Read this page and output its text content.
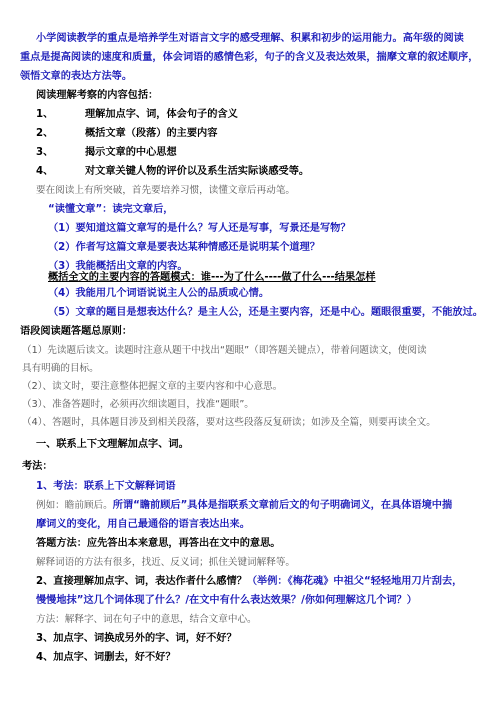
小学阅读教学的重点是培养学生对语言文字的感受理解、积累和初步的运用能力。高年级的阅读
重点是提高阅读的速度和质量，体会词语的感情色彩，句子的含义及表达效果，揣摩文章的叙述顺序，
领悟文章的表达方法等。
阅读理解考察的内容包括：
1、	理解加点字、词，体会句子的含义
2、	概括文章（段落）的主要内容
3、	揭示文章的中心思想
4、	对文章关键人物的评价以及系生活实际谈感受等。
要在阅读上有所突破，首先要培养习惯，读懂文章后再动笔。
“读懂文章”：读完文章后，
（1）要知道这篇文章写的是什么？写人还是写事，写景还是写物？
（2）作者写这篇文章是要表达某种情感还是说明某个道理？
（3）我能概括出文章的内容。
概括全文的主要内容的答题模式：谁---为了什么----做了什么---结果怎样
（4）我能用几个词语说说主人公的品质或心情。
（5）文章的题目是想表达什么？是主人公，还是主要内容，还是中心。题眼很重要，不能放过。
语段阅读题答题总原则：
（1）先读题后读文。读题时注意从题干中找出“题眼”（即答题关键点），带着问题读文，使阅读
具有明确的目标。
（2）、读文时，要注意整体把握文章的主要内容和中心意思。
（3）、准备答题时，必须再次细读题目，找准“题眼”。
（4）、答题时，具体题目涉及到相关段落，要对这些段落反复研读；如涉及全篇，则要再读全文。
一、联系上下文理解加点字、词。
考法：
1、考法：联系上下文解释词语
例如：瞻前顾后。所谓“瞻前顾后”具体是指联系文章前后文的句子明确词义，在具体语境中揣
摩词义的变化，用自己最通俗的语言表达出来。
答题方法：应先答出本来意思，再答出在文中的意思。
解释词语的方法有很多，找近、反义词；抓住关键词解释等。
2、直接理解加点字、词，表达作者什么感情？（举例：《梅花魂》中祖父“轻轻地用刀片刮去，
慢慢地抹”这几个词体现了什么？/在文中有什么表达效果？/你如何理解这几个词？）
方法：解释字、词在句子中的意思，结合文章中心。
3、加点字、词换成另外的字、词，好不好？
4、加点字、词删去，好不好？
